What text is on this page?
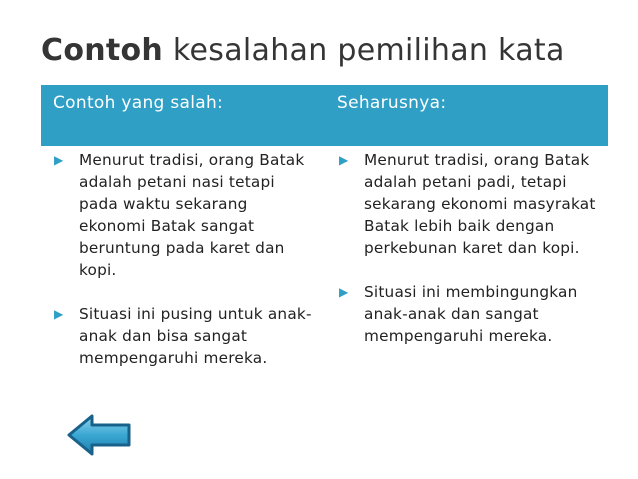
Contoh kesalahan pemilihan kata
Contoh yang salah:	Seharusnya:
▶ Menurut tradisi, orang Batak adalah petani nasi tetapi pada waktu sekarang ekonomi Batak sangat beruntung pada karet dan kopi.
▶ Situasi ini pusing untuk anak-anak dan bisa sangat mempengaruhi mereka.
▶ Menurut tradisi, orang Batak adalah petani padi, tetapi sekarang ekonomi masyrakat Batak lebih baik dengan perkebunan karet dan kopi.
▶ Situasi ini membingungkan anak-anak dan sangat mempengaruhi mereka.
